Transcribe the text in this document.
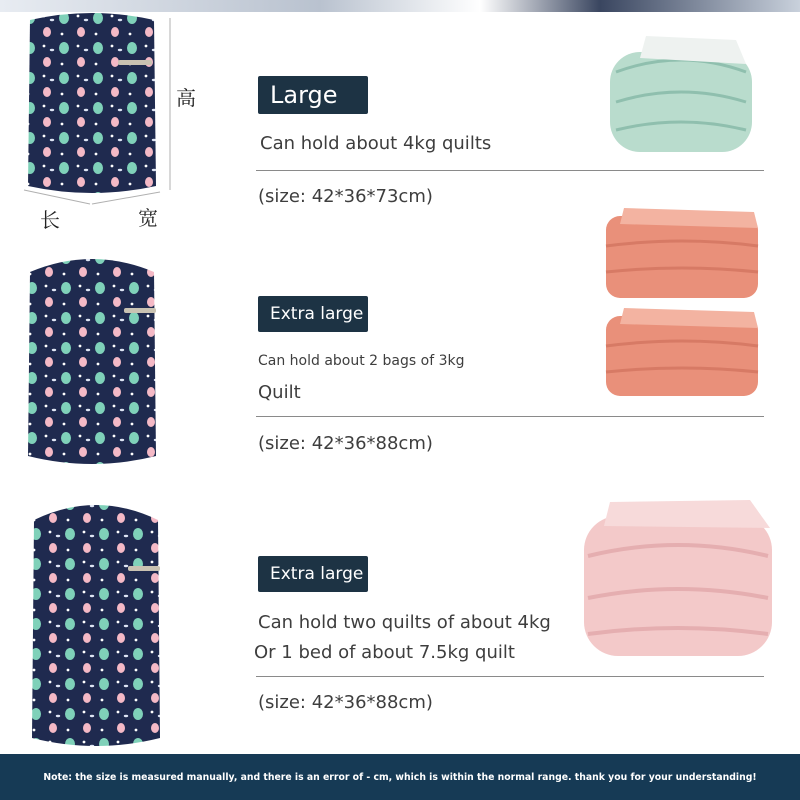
高
长	宽
Large
Can hold about 4kg quilts
(size: 42*36*73cm)
Extra large
Can hold about 2 bags of 3kg
Quilt
(size: 42*36*88cm)
Extra large
Can hold two quilts of about 4kg
Or 1 bed of about 7.5kg quilt
(size: 42*36*88cm)
Note: the size is measured manually, and there is an error of - cm, which is within the normal range. thank you for your understanding!
